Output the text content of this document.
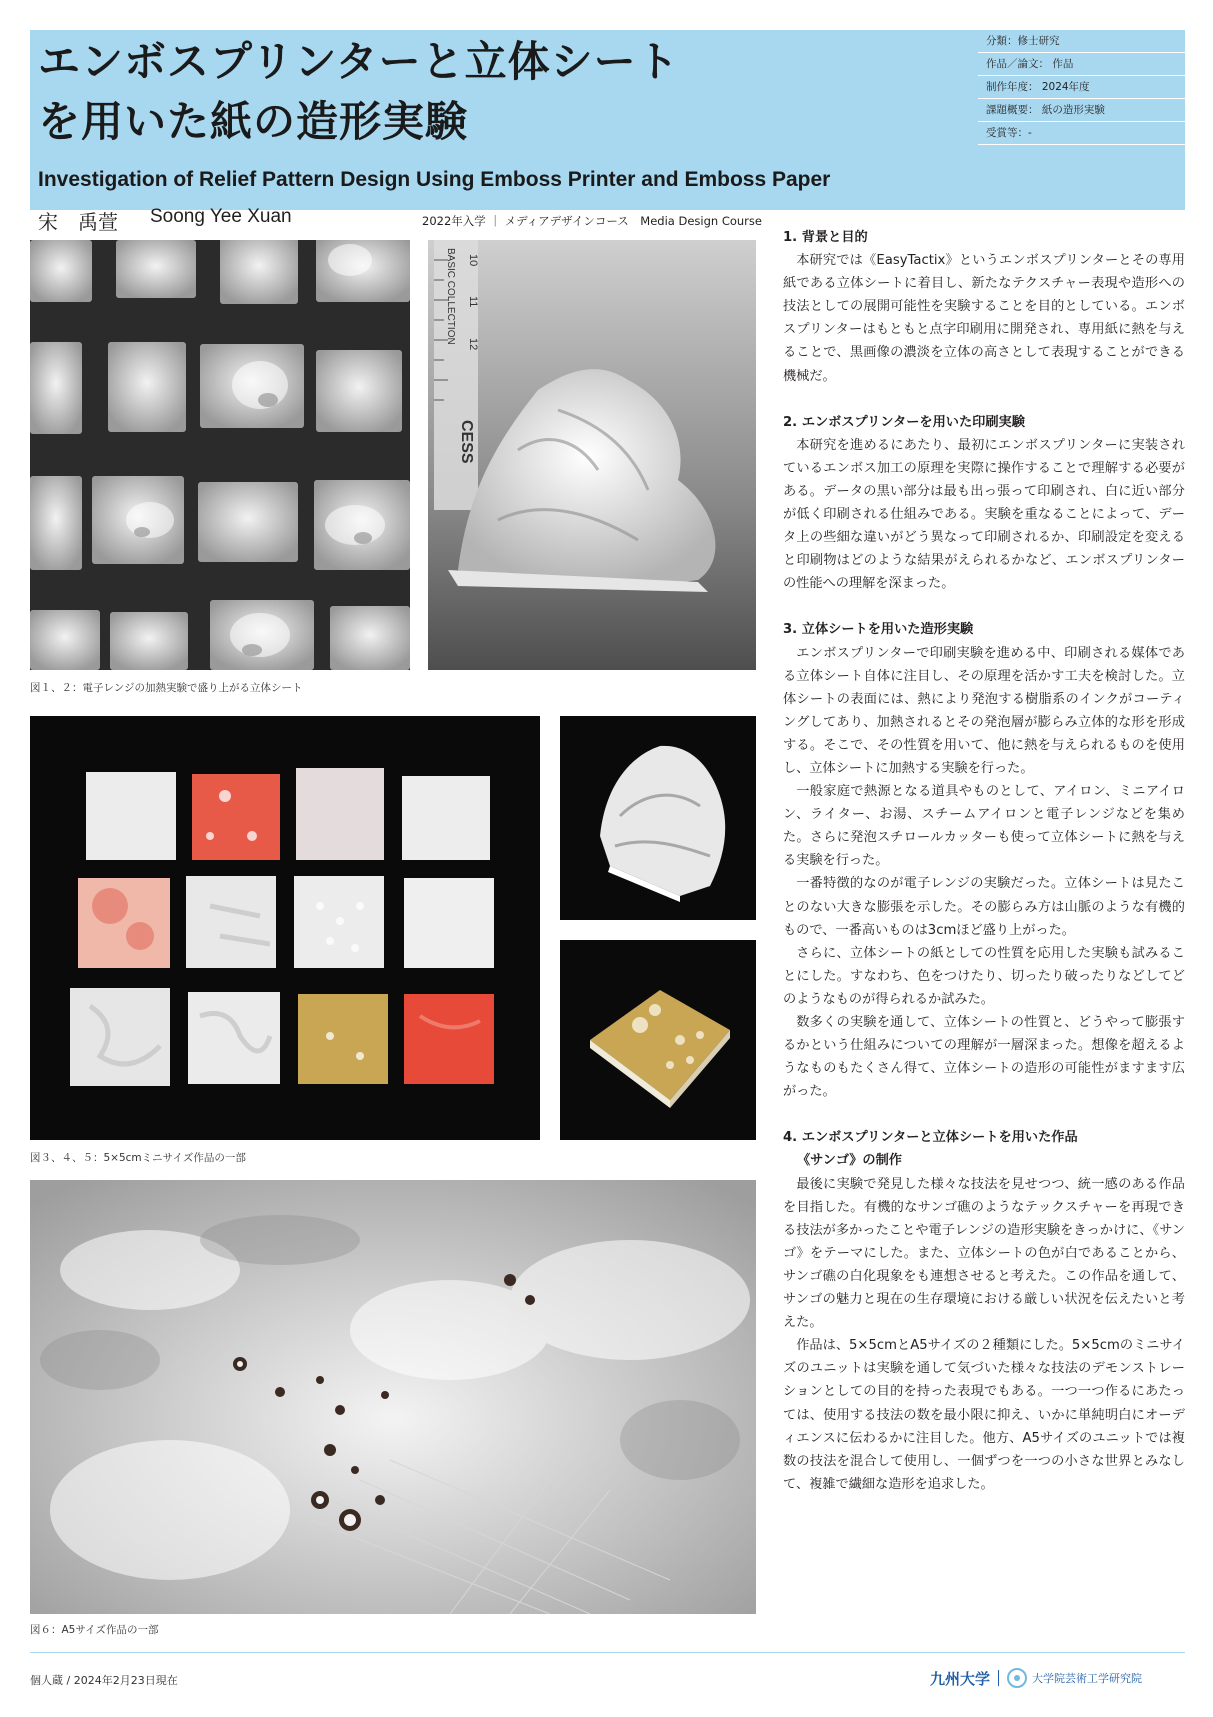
エンボスプリンターと立体シート
を用いた紙の造形実験
Investigation of Relief Pattern Design Using Emboss Printer and Emboss Paper
宋　禹萱 Soong Yee Xuan	2022年入学 ｜ メディアデザインコース　Media Design Course
分類：修士研究
作品／論文： 作品
制作年度： 2024年度
課題概要： 紙の造形実験
受賞等：-
BASIC COLLECTION
CESS
10
11
12
図１、２：電子レンジの加熱実験で盛り上がる立体シート
図３、４、５：5×5cmミニサイズ作品の一部
図６：A5サイズ作品の一部

1. 背景と目的

本研究では《EasyTactix》というエンボスプリンターとその専用紙である立体シートに着目し、新たなテクスチャー表現や造形への技法としての展開可能性を実験することを目的としている。エンボスプリンターはもともと点字印刷用に開発され、専用紙に熱を与えることで、黒画像の濃淡を立体の高さとして表現することができる機械だ。

2. エンボスプリンターを用いた印刷実験

本研究を進めるにあたり、最初にエンボスプリンターに実装されているエンボス加工の原理を実際に操作することで理解する必要がある。データの黒い部分は最も出っ張って印刷され、白に近い部分が低く印刷される仕組みである。実験を重なることによって、データ上の些細な違いがどう異なって印刷されるか、印刷設定を変えると印刷物はどのような結果がえられるかなど、エンボスプリンターの性能への理解を深まった。

3. 立体シートを用いた造形実験

エンボスプリンターで印刷実験を進める中、印刷される媒体である立体シート自体に注目し、その原理を活かす工夫を検討した。立体シートの表面には、熱により発泡する樹脂系のインクがコーティングしてあり、加熱されるとその発泡層が膨らみ立体的な形を形成する。そこで、その性質を用いて、他に熱を与えられるものを使用し、立体シートに加熱する実験を行った。

一般家庭で熱源となる道具やものとして、アイロン、ミニアイロン、ライター、お湯、スチームアイロンと電子レンジなどを集めた。さらに発泡スチロールカッターも使って立体シートに熱を与える実験を行った。

一番特徴的なのが電子レンジの実験だった。立体シートは見たことのない大きな膨張を示した。その膨らみ方は山脈のような有機的もので、一番高いものは3cmほど盛り上がった。

さらに、立体シートの紙としての性質を応用した実験も試みることにした。すなわち、色をつけたり、切ったり破ったりなどしてどのようなものが得られるか試みた。

数多くの実験を通して、立体シートの性質と、どうやって膨張するかという仕組みについての理解が一層深まった。想像を超えるようなものもたくさん得て、立体シートの造形の可能性がますます広がった。

4. エンボスプリンターと立体シートを用いた作品

《サンゴ》の制作

最後に実験で発見した様々な技法を見せつつ、統一感のある作品を目指した。有機的なサンゴ礁のようなテックスチャーを再現できる技法が多かったことや電子レンジの造形実験をきっかけに、《サンゴ》をテーマにした。また、立体シートの色が白であることから、サンゴ礁の白化現象をも連想させると考えた。この作品を通して、サンゴの魅力と現在の生存環境における厳しい状況を伝えたいと考えた。

作品は、5×5cmとA5サイズの２種類にした。5×5cmのミニサイズのユニットは実験を通して気づいた様々な技法のデモンストレーションとしての目的を持った表現でもある。一つ一つ作るにあたっては、使用する技法の数を最小限に抑え、いかに単純明白にオーディエンスに伝わるかに注目した。他方、A5サイズのユニットでは複数の技法を混合して使用し、一個ずつを一つの小さな世界とみなして、複雑で繊細な造形を追求した。

個人蔵 / 2024年2月23日現在	九州大学	大学院芸術工学研究院
